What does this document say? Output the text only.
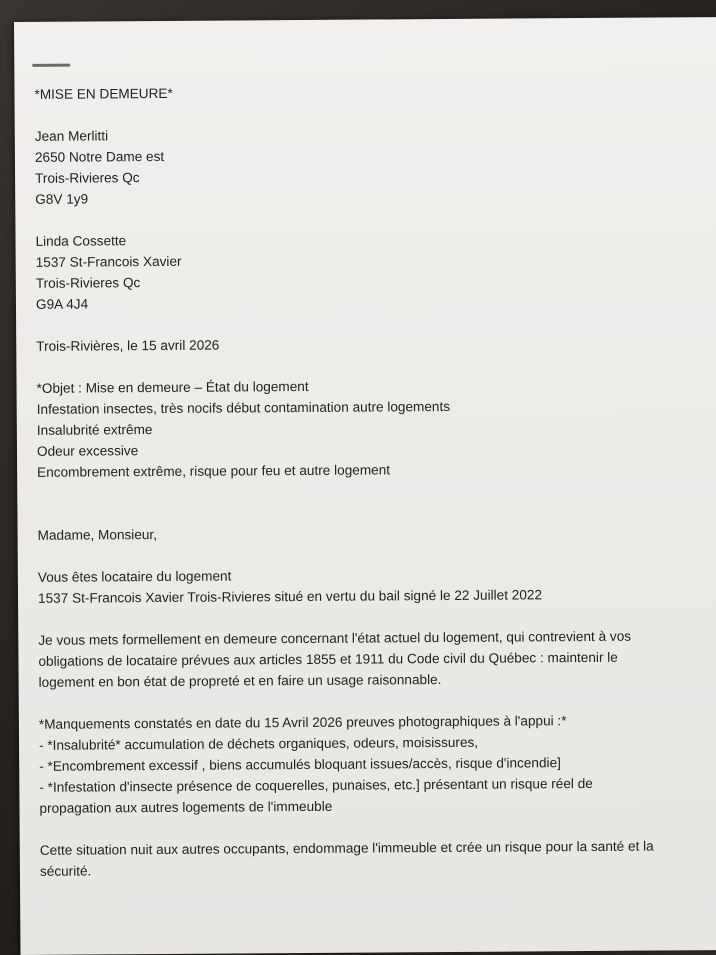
*MISE EN DEMEURE*
Jean Merlitti
2650 Notre Dame est
Trois-Rivieres Qc
G8V 1y9
Linda Cossette
1537 St-Francois Xavier
Trois-Rivieres Qc
G9A 4J4
Trois-Rivières, le 15 avril 2026
*Objet : Mise en demeure – État du logement
Infestation insectes, très nocifs début contamination autre logements
Insalubrité extrême
Odeur excessive
Encombrement extrême, risque pour feu et autre logement
Madame, Monsieur,
Vous êtes locataire du logement
1537 St-Francois Xavier Trois-Rivieres situé en vertu du bail signé le 22 Juillet 2022
Je vous mets formellement en demeure concernant l'état actuel du logement, qui contrevient à vos
obligations de locataire prévues aux articles 1855 et 1911 du Code civil du Québec : maintenir le
logement en bon état de propreté et en faire un usage raisonnable.
*Manquements constatés en date du 15 Avril 2026 preuves photographiques à l'appui :*
- *Insalubrité* accumulation de déchets organiques, odeurs, moisissures,
- *Encombrement excessif , biens accumulés bloquant issues/accès, risque d'incendie]
- *Infestation d'insecte présence de coquerelles, punaises, etc.] présentant un risque réel de
propagation aux autres logements de l'immeuble
Cette situation nuit aux autres occupants, endommage l'immeuble et crée un risque pour la santé et la
sécurité.
